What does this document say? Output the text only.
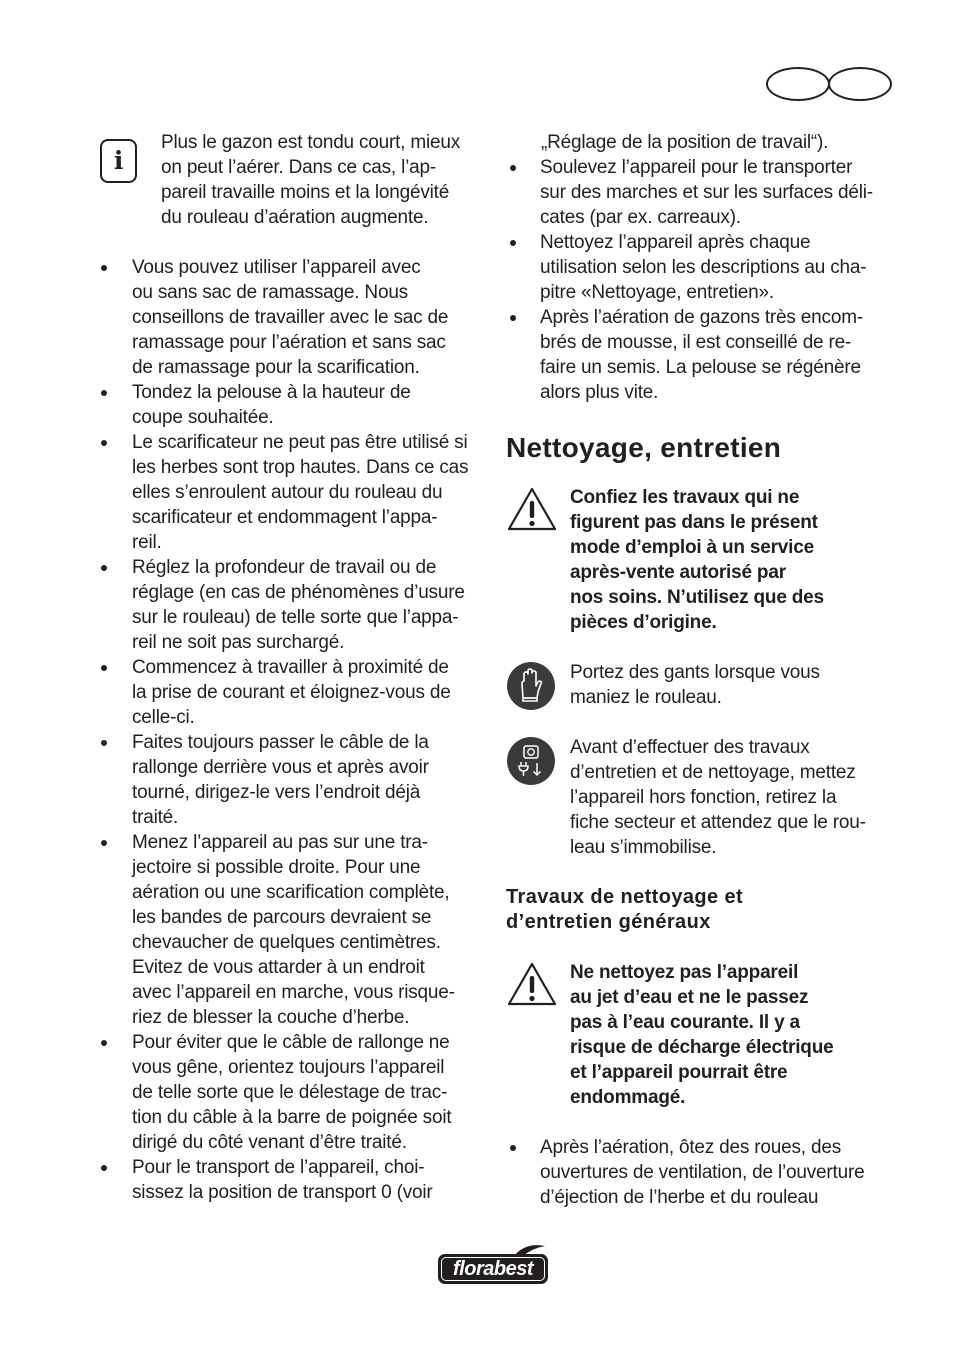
i
Plus le gazon est tondu court, mieux
on peut l’aérer. Dans ce cas, l’ap-
pareil travaille moins et la longévité
du rouleau d’aération augmente.
Vous pouvez utiliser l’appareil avec
ou sans sac de ramassage. Nous
conseillons de travailler avec le sac de
ramassage pour l’aération et sans sac
de ramassage pour la scarification.
Tondez la pelouse à la hauteur de
coupe souhaitée.
Le scarificateur ne peut pas être utilisé si
les herbes sont trop hautes. Dans ce cas
elles s’enroulent autour du rouleau du
scarificateur et endommagent l’appa-
reil.
Réglez la profondeur de travail ou de
réglage (en cas de phénomènes d’usure
sur le rouleau) de telle sorte que l’appa-
reil ne soit pas surchargé.
Commencez à travailler à proximité de
la prise de courant et éloignez-vous de
celle-ci.
Faites toujours passer le câble de la
rallonge derrière vous et après avoir
tourné, dirigez-le vers l’endroit déjà
traité.
Menez l’appareil au pas sur une tra-
jectoire si possible droite. Pour une
aération ou une scarification complète,
les bandes de parcours devraient se
chevaucher de quelques centimètres.
Evitez de vous attarder à un endroit
avec l’appareil en marche, vous risque-
riez de blesser la couche d’herbe.
Pour éviter que le câble de rallonge ne
vous gêne, orientez toujours l’appareil
de telle sorte que le délestage de trac-
tion du câble à la barre de poignée soit
dirigé du côté venant d’être traité.
Pour le transport de l’appareil, choi-
sissez la position de transport 0 (voir
„Réglage de la position de travail“).
Soulevez l’appareil pour le transporter
sur des marches et sur les surfaces déli-
cates (par ex. carreaux).
Nettoyez l’appareil après chaque
utilisation selon les descriptions au cha-
pitre «Nettoyage, entretien».
Après l’aération de gazons très encom-
brés de mousse, il est conseillé de re-
faire un semis. La pelouse se régénère
alors plus vite.
Nettoyage, entretien
Confiez les travaux qui ne
figurent pas dans le présent
mode d’emploi à un service
après-vente autorisé par
nos soins. N’utilisez que des
pièces d’origine.
Portez des gants lorsque vous
maniez le rouleau.
Avant d’effectuer des travaux
d’entretien et de nettoyage, mettez
l’appareil hors fonction, retirez la
fiche secteur et attendez que le rou-
leau s’immobilise.
Travaux de nettoyage et
d’entretien généraux
Ne nettoyez pas l’appareil
au jet d’eau et ne le passez
pas à l’eau courante. Il y a
risque de décharge électrique
et l’appareil pourrait être
endommagé.
Après l’aération, ôtez des roues, des
ouvertures de ventilation, de l’ouverture
d’éjection de l’herbe et du rouleau
florabest
